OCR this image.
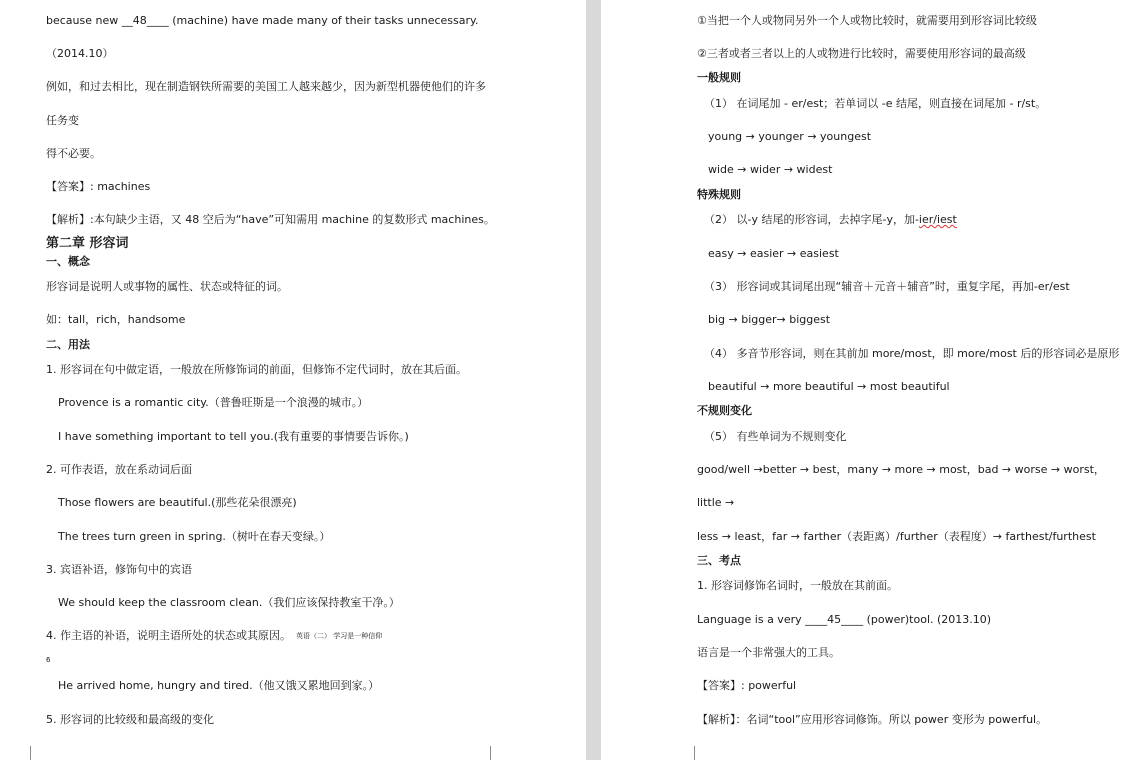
because new __48____ (machine) have made many of their tasks unnecessary.
（2014.10）
例如，和过去相比，现在制造钢铁所需要的美国工人越来越少，因为新型机器使他们的许多
任务变
得不必要。
【答案】: machines
【解析】:本句缺少主语，又 48 空后为“have”可知需用 machine 的复数形式 machines。
第二章 形容词
一、概念
形容词是说明人或事物的属性、状态或特征的词。
如：tall，rich，handsome
二、用法
1. 形容词在句中做定语，一般放在所修饰词的前面，但修饰不定代词时，放在其后面。
Provence is a romantic city.（普鲁旺斯是一个浪漫的城市。）
I have something important to tell you.(我有重要的事情要告诉你。)
2. 可作表语，放在系动词后面
Those flowers are beautiful.(那些花朵很漂亮)
The trees turn green in spring.（树叶在春天变绿。）
3. 宾语补语，修饰句中的宾语
We should keep the classroom clean.（我们应该保持教室干净。）
4. 作主语的补语，说明主语所处的状态或其原因。 英语（二） 学习是一种信仰
6
He arrived home, hungry and tired.（他又饿又累地回到家。）
5. 形容词的比较级和最高级的变化
①当把一个人或物同另外一个人或物比较时，就需要用到形容词比较级
②三者或者三者以上的人或物进行比较时，需要使用形容词的最高级
一般规则
（1） 在词尾加 - er/est；若单词以 -e 结尾，则直接在词尾加 - r/st。
young → younger → youngest
wide → wider → widest
特殊规则
（2） 以-y 结尾的形容词，去掉字尾-y，加-ier/iest
easy → easier → easiest
（3） 形容词或其词尾出现“辅音＋元音＋辅音”时，重复字尾，再加-er/est
big → bigger→ biggest
（4） 多音节形容词，则在其前加 more/most，即 more/most 后的形容词必是原形
beautiful → more beautiful → most beautiful
不规则变化
（5） 有些单词为不规则变化
good/well →better → best，many → more → most，bad → worse → worst，
little →
less → least，far → farther（表距离）/further（表程度）→ farthest/furthest
三、考点
1. 形容词修饰名词时，一般放在其前面。
Language is a very ____45____ (power)tool. (2013.10)
语言是一个非常强大的工具。
【答案】: powerful
【解析】：名词“tool”应用形容词修饰。所以 power 变形为 powerful。
